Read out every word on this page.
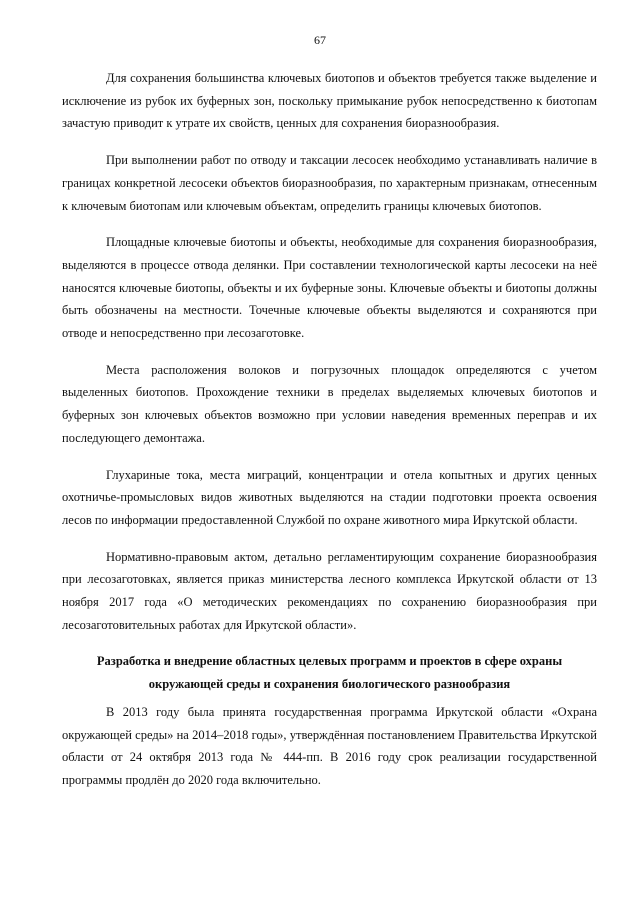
67

Для сохранения большинства ключевых биотопов и объектов требуется также выделение и исключение из рубок их буферных зон, поскольку примыкание рубок непосредственно к биотопам зачастую приводит к утрате их свойств, ценных для сохранения биоразнообразия.

При выполнении работ по отводу и таксации лесосек необходимо устанавливать наличие в границах конкретной лесосеки объектов биоразнообразия, по характерным признакам, отнесенным к ключевым биотопам или ключевым объектам, определить границы ключевых биотопов.

Площадные ключевые биотопы и объекты, необходимые для сохранения биоразнообразия, выделяются в процессе отвода делянки. При составлении технологической карты лесосеки на неё наносятся ключевые биотопы, объекты и их буферные зоны. Ключевые объекты и биотопы должны быть обозначены на местности. Точечные ключевые объекты выделяются и сохраняются при отводе и непосредственно при лесозаготовке.

Места расположения волоков и погрузочных площадок определяются с учетом выделенных биотопов. Прохождение техники в пределах выделяемых ключевых биотопов и буферных зон ключевых объектов возможно при условии наведения временных переправ и их последующего демонтажа.

Глухариные тока, места миграций, концентрации и отела копытных и других ценных охотничье-промысловых видов животных выделяются на стадии подготовки проекта освоения лесов по информации предоставленной Службой по охране животного мира Иркутской области.

Нормативно-правовым актом, детально регламентирующим сохранение биоразнообразия при лесозаготовках, является приказ министерства лесного комплекса Иркутской области от 13 ноября 2017 года «О методических рекомендациях по сохранению биоразнообразия при лесозаготовительных работах для Иркутской области».

Разработка и внедрение областных целевых программ и проектов в сфере охраны окружающей среды и сохранения биологического разнообразия

В 2013 году была принята государственная программа Иркутской области «Охрана окружающей среды» на 2014–2018 годы», утверждённая постановлением Правительства Иркутской области от 24 октября 2013 года № 444-пп. В 2016 году срок реализации государственной программы продлён до 2020 года включительно.
